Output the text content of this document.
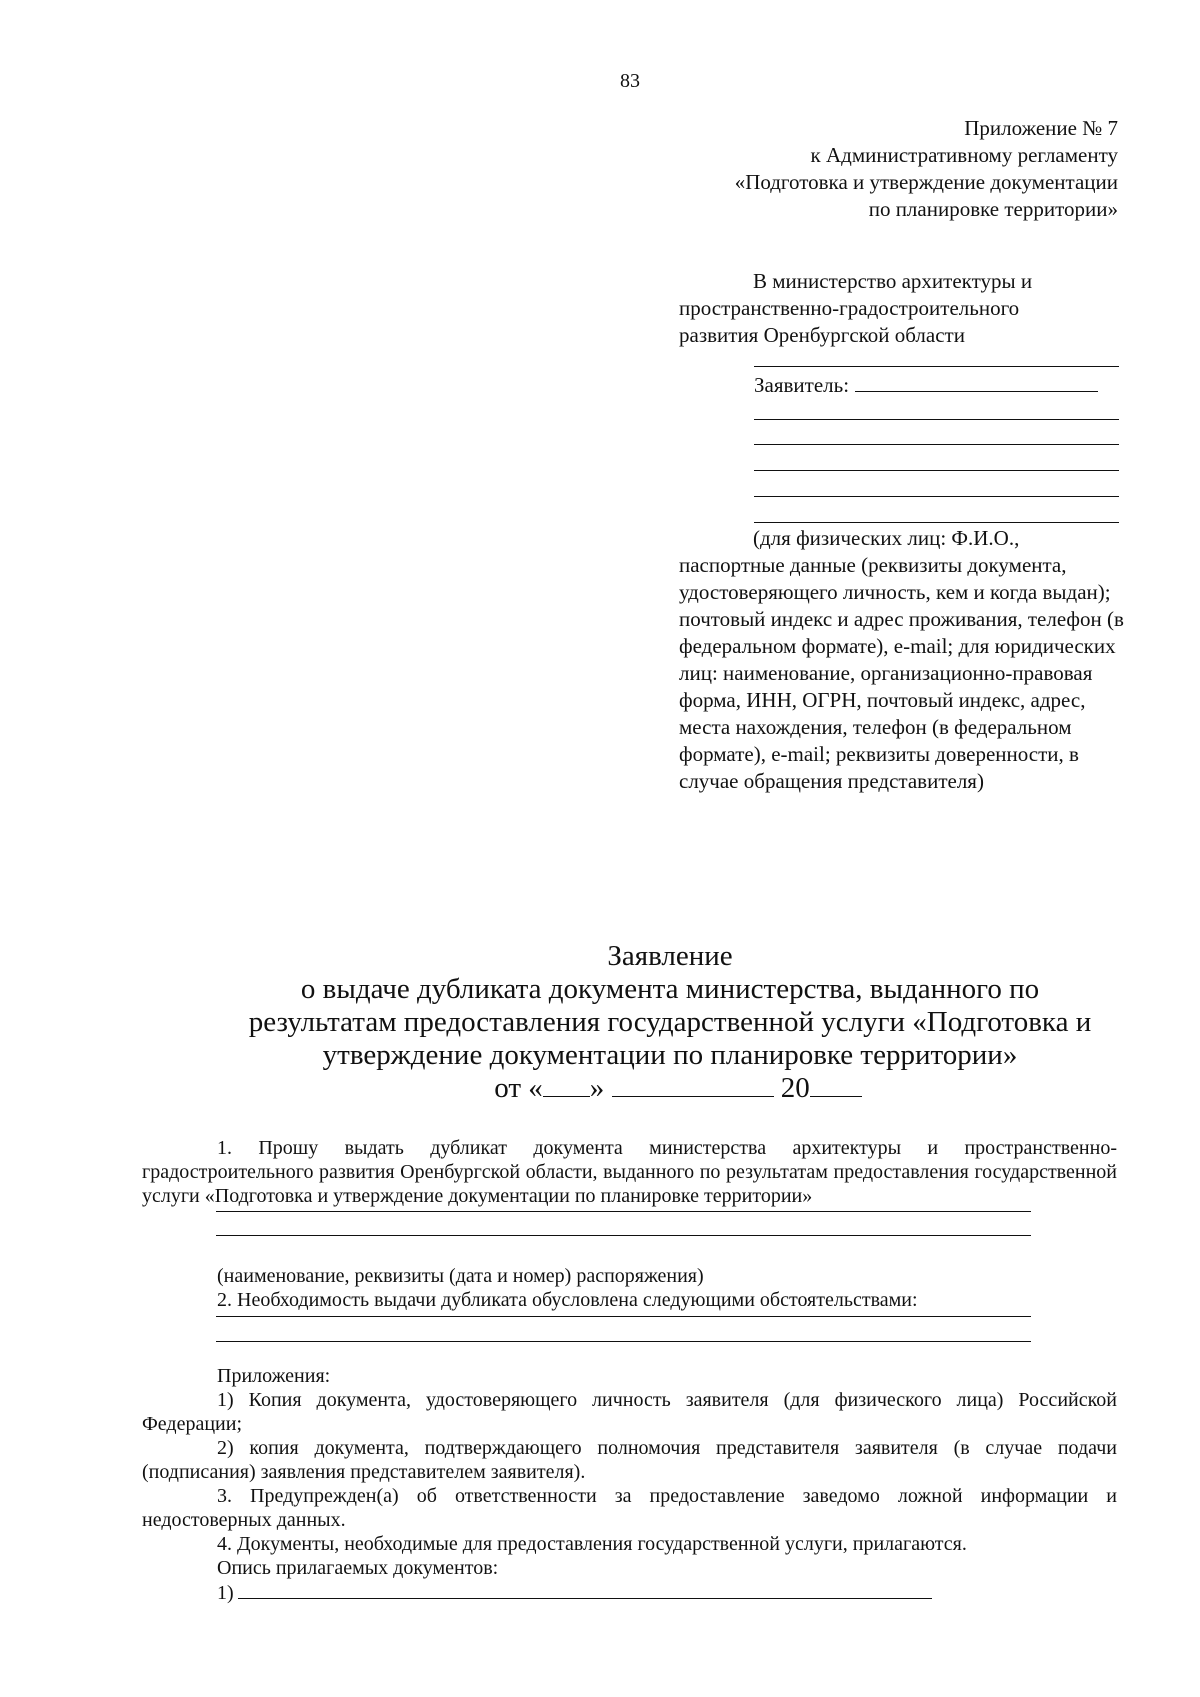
83
Приложение № 7
к Административному регламенту
«Подготовка и утверждение документации
по планировке территории»
В министерство архитектуры и
пространственно-градостроительного
развития Оренбургской области
Заявитель:

(для физических лиц: Ф.И.О., паспортные данные (реквизиты документа, удостоверяющего личность, кем и когда выдан); почтовый индекс и адрес проживания, телефон (в федеральном формате), e-mail; для юридических лиц: наименование, организационно-правовая форма, ИНН, ОГРН, почтовый индекс, адрес, места нахождения, телефон (в федеральном формате), e-mail; реквизиты доверенности, в случае обращения представителя)

Заявление
о выдаче дубликата документа министерства, выданного по
результатам предоставления государственной услуги «Подготовка и
утверждение документации по планировке территории»
от « »	20

1. Прошу выдать дубликат документа министерства архитектуры и пространственно-градостроительного развития Оренбургской области, выданного по результатам предоставления государственной услуги «Подготовка и утверждение документации по планировке территории»

(наименование, реквизиты (дата и номер) распоряжения)

2. Необходимость выдачи дубликата обусловлена следующими обстоятельствами:

Приложения:

1) Копия документа, удостоверяющего личность заявителя (для физического лица) Российской Федерации;

2) копия документа, подтверждающего полномочия представителя заявителя (в случае подачи (подписания) заявления представителем заявителя).

3. Предупрежден(а) об ответственности за предоставление заведомо ложной информации и недостоверных данных.

4. Документы, необходимые для предоставления государственной услуги, прилагаются.

Опись прилагаемых документов:

1)
